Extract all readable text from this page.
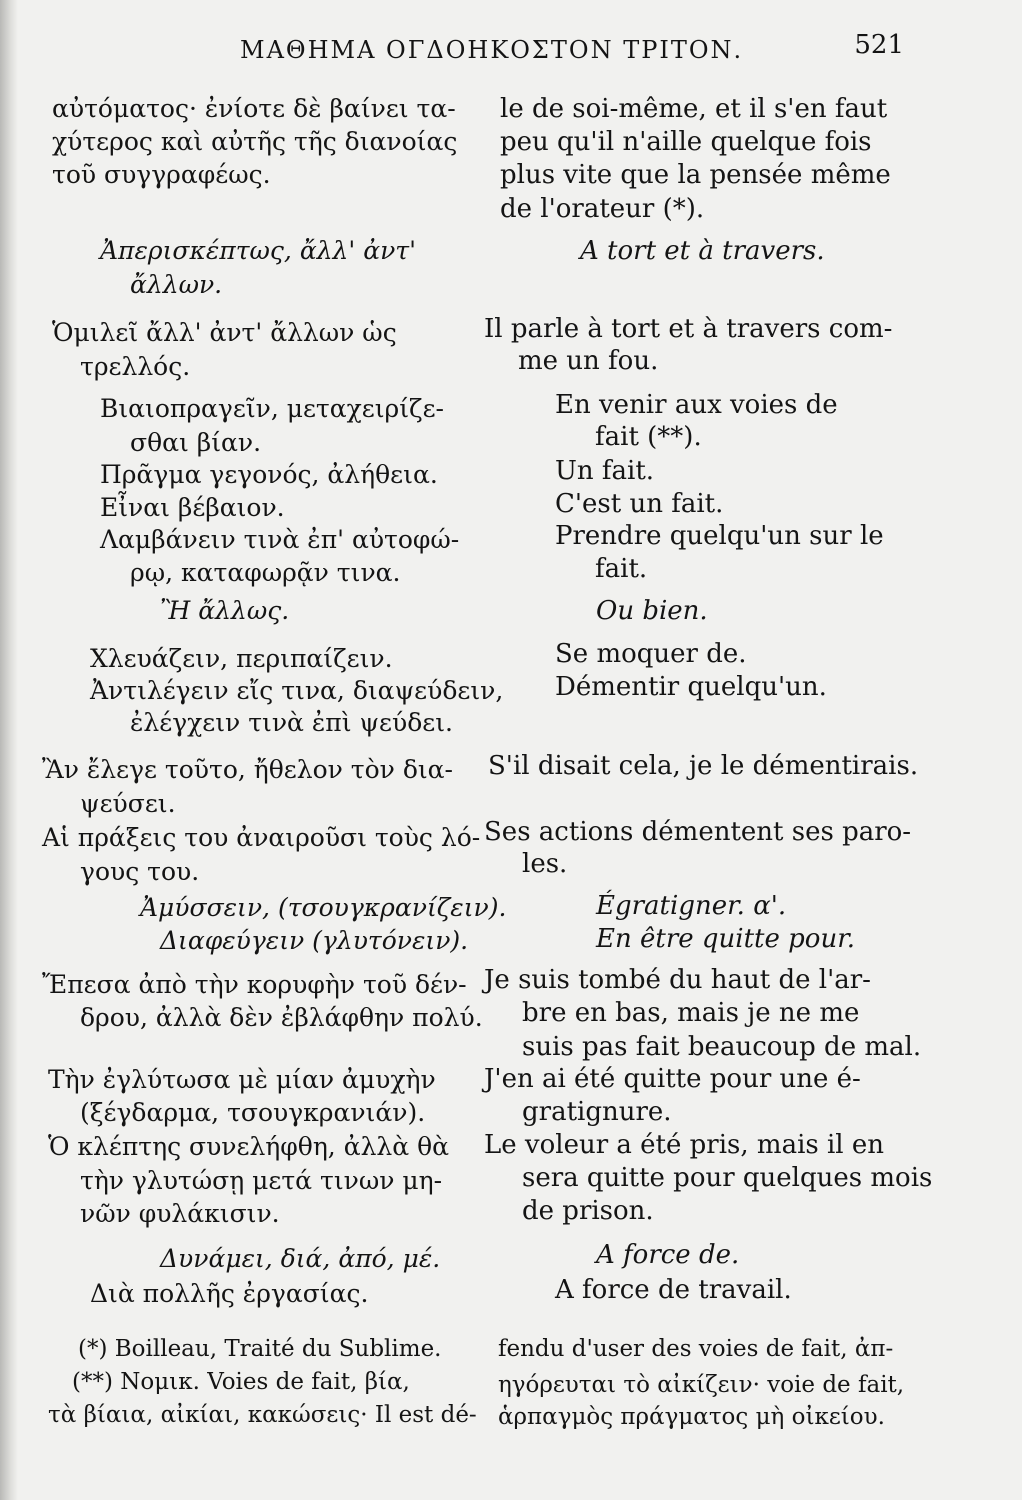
ΜΑΘΗΜΑ ΟΓΔΟΗΚΟΣΤΟΝ ΤΡΙΤΟΝ.	521
αὐτόματος· ἐνίοτε δὲ βαίνει τα-
χύτερος καὶ αὐτῆς τῆς διανοίας
τοῦ συγγραφέως.
Ἀπερισκέπτως, ἄλλ' ἀντ'
ἄλλων.
Ὁμιλεῖ ἄλλ' ἀντ' ἄλλων ὡς
τρελλός.
Βιαιοπραγεῖν, μεταχειρίζε-
σθαι βίαν.
Πρᾶγμα γεγονός, ἀλήθεια.
Εἶναι βέβαιον.
Λαμβάνειν τινὰ ἐπ' αὐτοφώ-
ρῳ, καταφωρᾷν τινα.
Ἢ ἄλλως.
Χλευάζειν, περιπαίζειν.
Ἀντιλέγειν εἴς τινα, διαψεύδειν,
ἐλέγχειν τινὰ ἐπὶ ψεύδει.
Ἂν ἔλεγε τοῦτο, ἤθελον τὸν δια-
ψεύσει.
Αἱ πράξεις του ἀναιροῦσι τοὺς λό-
γους του.
Ἀμύσσειν, (τσουγκρανίζειν).
Διαφεύγειν (γλυτόνειν).
Ἔπεσα ἀπὸ τὴν κορυφὴν τοῦ δέν-
δρου, ἀλλὰ δὲν ἐβλάφθην πολύ.
Τὴν ἐγλύτωσα μὲ μίαν ἀμυχὴν
(ξέγδαρμα, τσουγκρανιάν).
Ὁ κλέπτης συνελήφθη, ἀλλὰ θὰ
τὴν γλυτώσῃ μετά τινων μη-
νῶν φυλάκισιν.
Δυνάμει, διά, ἀπό, μέ.
Διὰ πολλῆς ἐργασίας.
le de soi-même, et il s'en faut
peu qu'il n'aille quelque fois
plus vite que la pensée même
de l'orateur (*).
A tort et à travers.
Il parle à tort et à travers com-
me un fou.
En venir aux voies de
fait (**).
Un fait.
C'est un fait.
Prendre quelqu'un sur le
fait.
Ou bien.
Se moquer de.
Démentir quelqu'un.
S'il disait cela, je le démentirais.
Ses actions démentent ses paro-
les.
Égratigner. α'.
En être quitte pour.
Je suis tombé du haut de l'ar-
bre en bas, mais je ne me
suis pas fait beaucoup de mal.
J'en ai été quitte pour une é-
gratignure.
Le voleur a été pris, mais il en
sera quitte pour quelques mois
de prison.
A force de.
A force de travail.
(*) Boilleau, Traité du Sublime.
(**) Νομικ. Voies de fait, βία,
τὰ βίαια, αἰκίαι, κακώσεις· Il est dé-
fendu d'user des voies de fait, ἀπ-
ηγόρευται τὸ αἰκίζειν· voie de fait,
ἁρπαγμὸς πράγματος μὴ οἰκείου.
